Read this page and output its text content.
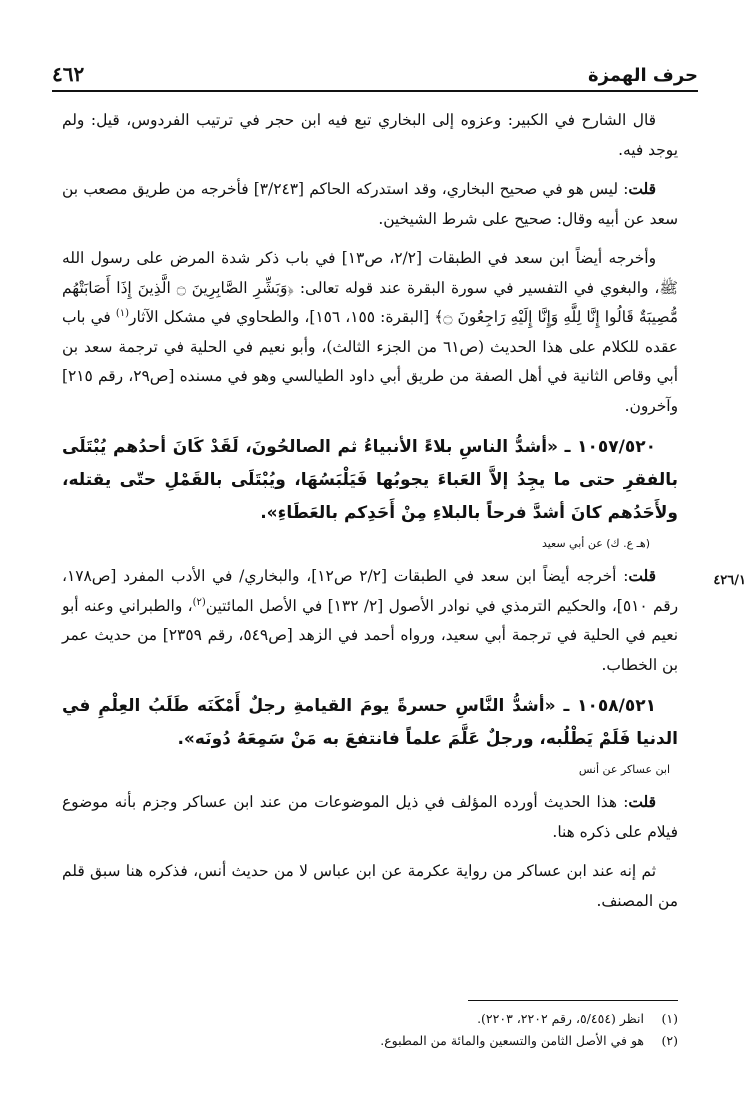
حرف الهمزة
٤٦٢

قال الشارح في الكبير: وعزوه إلى البخاري تبع فيه ابن حجر في ترتيب الفردوس، قيل: ولم يوجد فيه.

قلت: ليس هو في صحيح البخاري، وقد استدركه الحاكم [٣/٢٤٣] فأخرجه من طريق مصعب بن سعد عن أبيه وقال: صحيح على شرط الشيخين.

وأخرجه أيضاً ابن سعد في الطبقات [٢/٢، ص١٣] في باب ذكر شدة المرض على رسول الله ﷺ، والبغوي في التفسير في سورة البقرة عند قوله تعالى: ﴿وَبَشِّرِ الصَّابِرِينَ ۝ الَّذِينَ إِذَا أَصَابَتْهُم مُّصِيبَةٌ قَالُوا إِنَّا لِلَّهِ وَإِنَّا إِلَيْهِ رَاجِعُونَ ۝﴾ [البقرة: ١٥٥، ١٥٦]، والطحاوي في مشكل الآثار$^{(١)}$ في باب عقده للكلام على هذا الحديث (ص٦١ من الجزء الثالث)، وأبو نعيم في الحلية في ترجمة سعد بن أبي وقاص الثانية في أهل الصفة من طريق أبي داود الطيالسي وهو في مسنده [ص٢٩، رقم ٢١٥] وآخرون.

١٠٥٧/٥٢٠ ـ «أشدُّ الناسِ بلاءً الأنبياءُ ثم الصالحُونَ، لَقَدْ كَانَ أحدُهم يُبْتَلَى بالفقرِ حتى ما يجِدُ إلاَّ العَباءَ يجوبُها فَيَلْبَسُهَا، ويُبْتَلَى بالقَمْلِ حتّى يقتله، ولأَحَدُهم كانَ أشدَّ فرحاً بالبلاءِ مِنْ أَحَدِكم بالعَطَاءِ».

(هـ ع. ك) عن أبي سعيد

٤٢٦/١

قلت: أخرجه أيضاً ابن سعد في الطبقات [٢/٢ ص١٢]، والبخاري/ في الأدب المفرد [ص١٧٨، رقم ٥١٠]، والحكيم الترمذي في نوادر الأصول [٢/ ١٣٢] في الأصل المائتين$^{(٢)}$، والطبراني وعنه أبو نعيم في الحلية في ترجمة أبي سعيد، ورواه أحمد في الزهد [ص٥٤٩، رقم ٢٣٥٩] من حديث عمر بن الخطاب.

١٠٥٨/٥٢١ ـ «أشدُّ النَّاسِ حسرةً يومَ القيامةِ رجلٌ أَمْكَنَه طَلَبُ العِلْمِ في الدنيا فَلَمْ يَطْلُبه، ورجلٌ عَلَّمَ علماً فانتفعَ به مَنْ سَمِعَهُ دُونَه».

ابن عساكر عن أنس

قلت: هذا الحديث أورده المؤلف في ذيل الموضوعات من عند ابن عساكر وجزم بأنه موضوع فيلام على ذكره هنا.

ثم إنه عند ابن عساكر من رواية عكرمة عن ابن عباس لا من حديث أنس، فذكره هنا سبق قلم من المصنف.

(١)
انظر (٥/٤٥٤، رقم ٢٢٠٢، ٢٢٠٣).
(٢)
هو في الأصل الثامن والتسعين والمائة من المطبوع.
